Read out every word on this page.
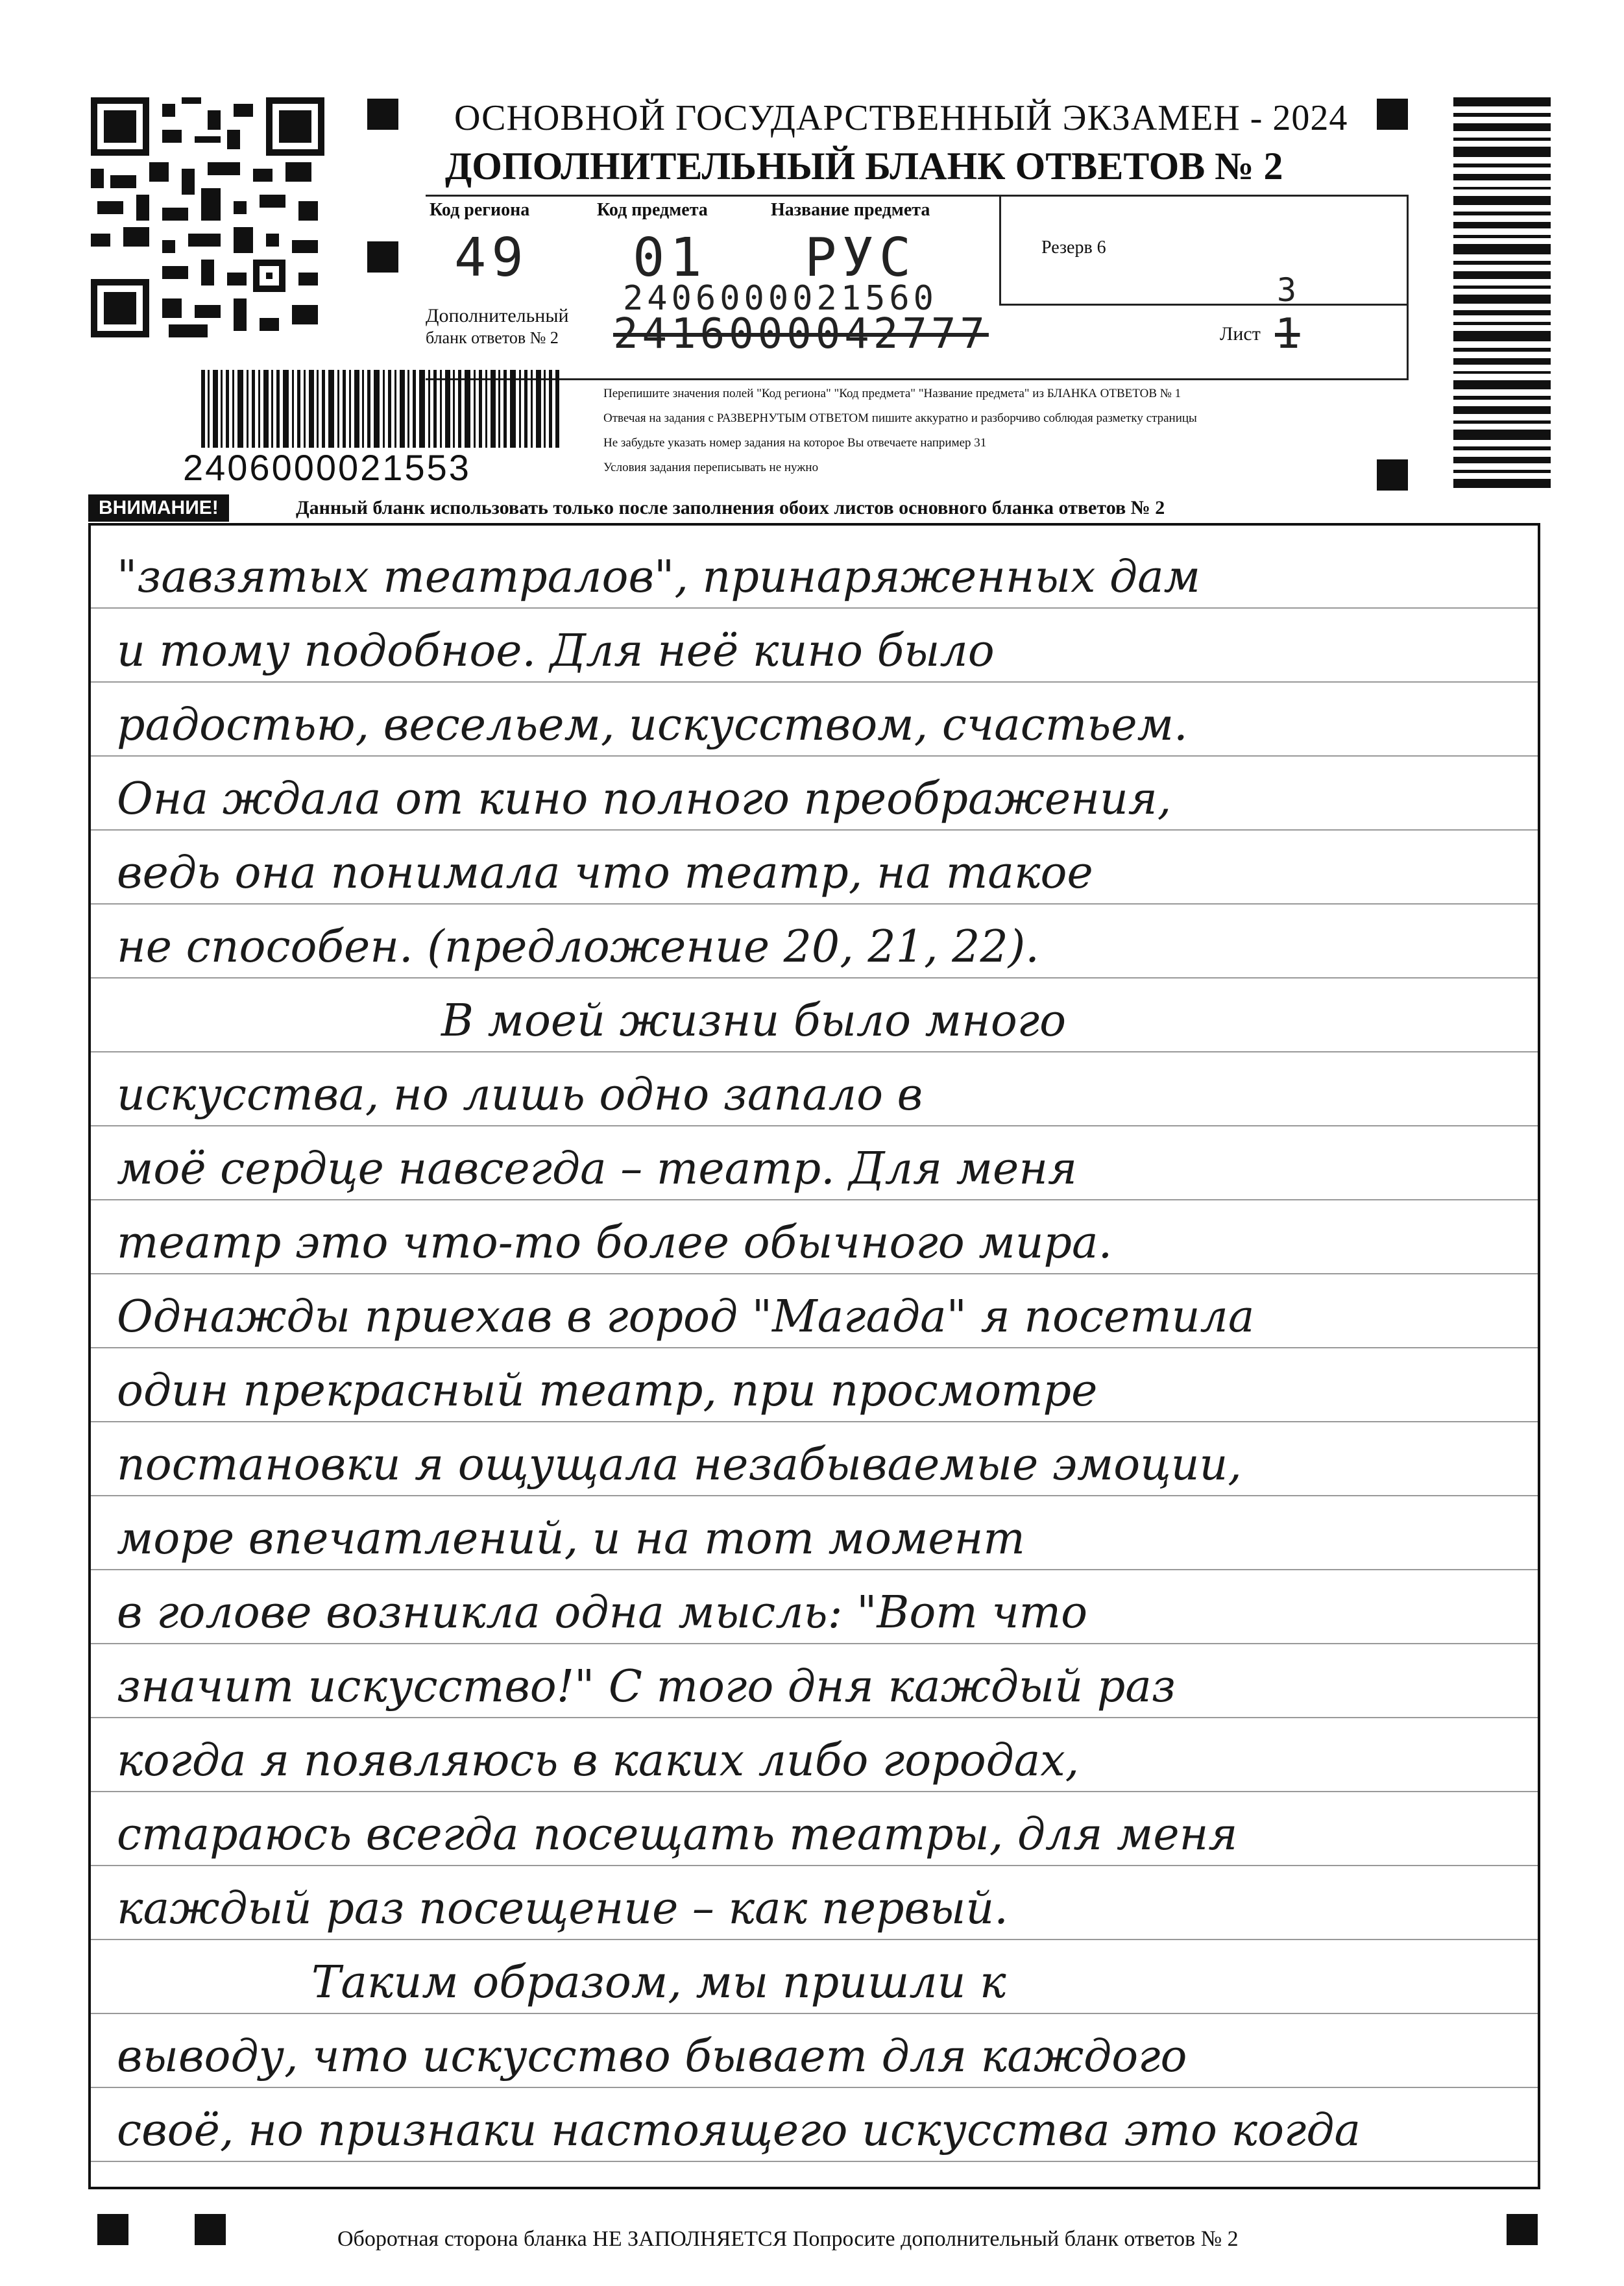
ОСНОВНОЙ ГОСУДАРСТВЕННЫЙ ЭКЗАМЕН - 2024
ДОПОЛНИТЕЛЬНЫЙ БЛАНК ОТВЕТОВ № 2
Код региона	Код предмета	Название предмета
Резерв 6
49 01 РУС
Дополнительный
бланк ответов № 2
2406000021560
2416000042777	Лист
3
1
2406000021553
Перепишите значения полей "Код региона" "Код предмета" "Название предмета" из БЛАНКА ОТВЕТОВ № 1
Отвечая на задания с РАЗВЕРНУТЫМ ОТВЕТОМ пишите аккуратно и разборчиво соблюдая разметку страницы
Не забудьте указать номер задания на которое Вы отвечаете например 31
Условия задания переписывать не нужно
ВНИМАНИЕ!	Данный бланк использовать только после заполнения обоих листов основного бланка ответов № 2
"завзятых театралов", принаряженных дам
и тому подобное. Для неё кино было
радостью, весельем, искусством, счастьем.
Она ждала от кино полного преображения,
ведь она понимала что театр, на такое
не способен. (предложение 20, 21, 22).
В моей жизни было много
искусства, но лишь одно запало в
моё сердце навсегда – театр. Для меня
театр это что-то более обычного мира.
Однажды приехав в город "Магада" я посетила
один прекрасный театр, при просмотре
постановки я ощущала незабываемые эмоции,
море впечатлений, и на тот момент
в голове возникла одна мысль: "Вот что
значит искусство!" С того дня каждый раз
когда я появляюсь в каких либо городах,
стараюсь всегда посещать театры, для меня
каждый раз посещение – как первый.
Таким образом, мы пришли к
выводу, что искусство бывает для каждого
своё, но признаки настоящего искусства это когда
Оборотная сторона бланка НЕ ЗАПОЛНЯЕТСЯ Попросите дополнительный бланк ответов № 2
